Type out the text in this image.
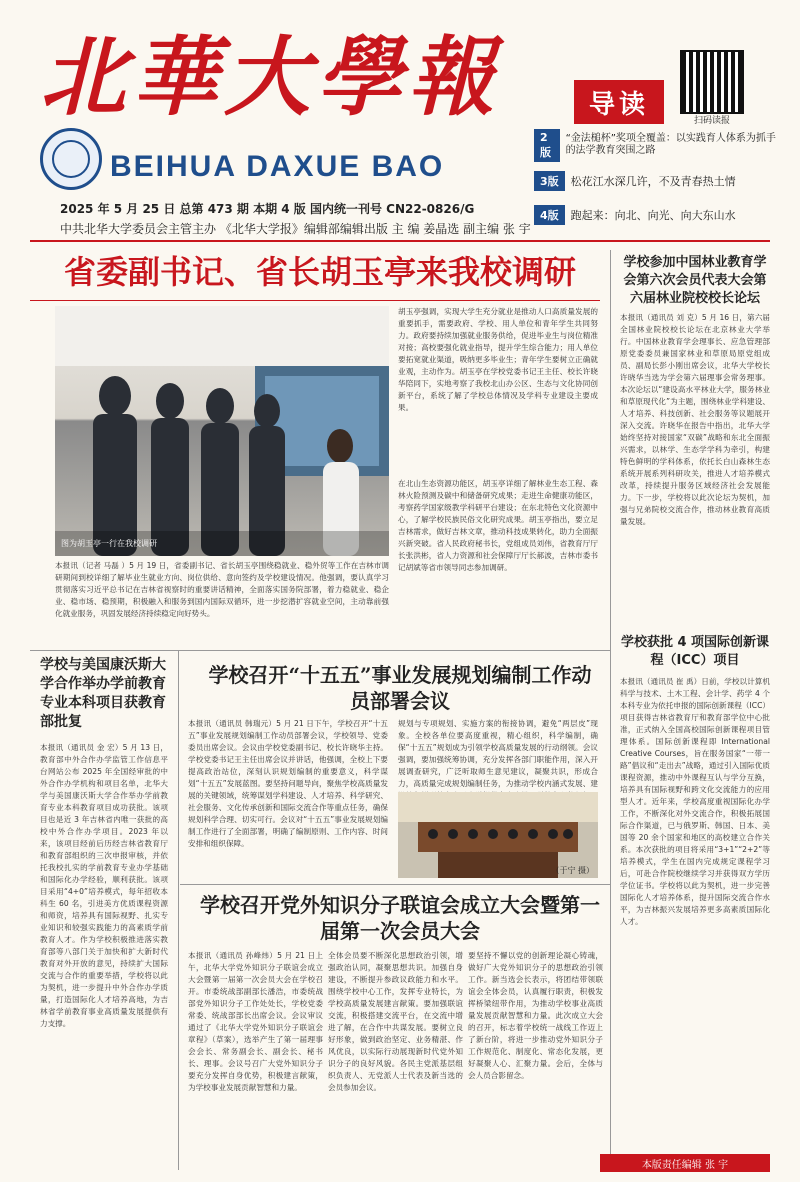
北華大學報
BEIHUA DAXUE BAO
导读
扫码读报
2版
“金法槌杯”奖项全覆盖：以实践育人体系为抓手的法学教育突围之路
3版	松花江水深几许，不及青春热土情
4版	跑起来：向北、向光、向大东山水
2025 年 5 月 25 日 总第 473 期 本期 4 版 国内统一刊号 CN22-0826/G
中共北华大学委员会主管主办 《北华大学报》编辑部编辑出版 主 编 姜晶选 副主编 张 宇
省委副书记、省长胡玉亭来我校调研
图为胡玉亭一行在我校调研
本报讯（记者 马磊 ）5 月 19 日，省委副书记、省长胡玉亭围绕稳就业、稳外贸等工作在吉林市调研期间到校详细了解毕业生就业方向、岗位供给、意向签约及学校建设情况。他强调，要认真学习贯彻落实习近平总书记在吉林省视察时的重要讲话精神，全面落实国务院部署，着力稳就业、稳企业、稳市场、稳预期，积极融入和服务到国内国际双循环，进一步挖潜扩容就业空间，主动靠前强化就业服务，巩固发展经济持续稳定向好势头。
胡玉亭强调，实现大学生充分就业是推动人口高质量发展的重要抓手，需要政府、学校、用人单位和青年学生共同努力。政府要持续加强就业服务供给，促进毕业生与岗位精准对接；高校要强化就业指导，提升学生综合能力；用人单位要拓宽就业渠道，吸纳更多毕业生；青年学生要树立正确就业观，主动作为。胡玉亭在学校党委书记王主任、校长许晓华陪同下，实地考察了我校北山办公区、生态与文化协同创新平台，系统了解了学校总体情况及学科专业建设主要成果。
在北山生态资源功能区，胡玉亭详细了解林业生态工程、森林火险预测及碳中和储备研究成果；走进生命健康功能区，考察药学国家级教学科研平台建设；在东北特色文化资源中心，了解学校民族民俗文化研究成果。胡玉亭指出，要立足吉林需求，做好吉林文章，推动科技成果转化，助力全面振兴新突破。省人民政府秘书长，党组成员刘伟，省教育厅厅长张洪彬，省人力资源和社会保障厅厅长郝波，吉林市委书记胡斌等省市领导同志参加调研。
学校参加中国林业教育学会第六次会员代表大会第六届林业院校校长论坛
本报讯（通讯员 刘 克）5 月 16 日，第六届全国林业院校校长论坛在北京林业大学举行。中国林业教育学会理事长、应急管理部原党委委员兼国家林业和草原局原党组成员、副局长彭小刚出席会议，北华大学校长许晓华当选为学会第六届理事会常务理事。本次论坛以“建设高水平林业大学，服务林业和草原现代化”为主题，围绕林业学科建设、人才培养、科技创新、社会服务等议题展开深入交流。许晓华在报告中指出，北华大学始终坚持对接国家“双碳”战略和东北全面振兴需求，以林学、生态学学科为牵引，构建特色鲜明的学科体系，依托长白山森林生态系统开展系列科研攻关，推进人才培养模式改革，持续提升服务区域经济社会发展能力。下一步，学校将以此次论坛为契机，加强与兄弟院校交流合作，推动林业教育高质量发展。
学校获批 4 项国际创新课程（ICC）项目
本报讯（通讯员 崔 禹）日前，学校以计算机科学与技术、土木工程、会计学、药学 4 个本科专业为依托申报的国际创新课程（ICC）项目获得吉林省教育厅和教育部学位中心批准，正式纳入全国高校国际创新课程项目管理体系。国际创新课程即 International Creative Courses，旨在服务国家“一带一路”倡议和“走出去”战略，通过引入国际优质课程资源，推动中外课程互认与学分互换，培养具有国际视野和跨文化交流能力的应用型人才。近年来，学校高度重视国际化办学工作，不断深化对外交流合作，积极拓展国际合作渠道，已与俄罗斯、韩国、日本、美国等 20 余个国家和地区的高校建立合作关系。本次获批的项目将采用“3+1”“2+2”等培养模式，学生在国内完成规定课程学习后，可赴合作院校继续学习并获得双方学历学位证书。学校将以此为契机，进一步完善国际化人才培养体系，提升国际交流合作水平，为吉林振兴发展培养更多高素质国际化人才。
学校与美国康沃斯大学合作举办学前教育专业本科项目获教育部批复
本报讯（通讯员 金 宏）5 月 13 日，教育部中外合作办学监管工作信息平台网站公布 2025 年全国经审批的中外合作办学机构和项目名单，北华大学与美国康沃斯大学合作举办学前教育专业本科教育项目成功获批。该项目也是近 3 年吉林省内唯一获批的高校中外合作办学项目。2023 年以来，该项目经前后历经吉林省教育厅和教育部组织的三次申报审核，并依托我校扎实的学前教育专业办学基础和国际化办学经验，顺利获批。该项目采用“4+0”培养模式，每年招收本科生 60 名，引进美方优质课程资源和师资，培养具有国际视野、扎实专业知识和较强实践能力的高素质学前教育人才。作为学校积极推进落实教育部等八部门关于加快和扩大新时代教育对外开放的意见，持续扩大国际交流与合作的重要举措，学校将以此为契机，进一步提升中外合作办学质量，打造国际化人才培养高地，为吉林省学前教育事业高质量发展提供有力支撑。
学校召开“十五五”事业发展规划编制工作动员部署会议
本报讯（通讯员 韩瑞元）5 月 21 日下午，学校召开“十五五”事业发展规划编制工作动员部署会议，学校领导、党委委员出席会议。会议由学校党委副书记、校长许晓华主持。学校党委书记王主任出席会议并讲话，他强调，全校上下要提高政治站位，深刻认识规划编制的重要意义，科学谋划“十五五”发展蓝图。要坚持问题导向，聚焦学校高质量发展的关键领域，统筹谋划学科建设、人才培养、科学研究、社会服务、文化传承创新和国际交流合作等重点任务，确保规划科学合理、切实可行。会议对“十五五”事业发展规划编制工作进行了全面部署，明确了编制原则、工作内容、时间安排和组织保障。
规划与专项规划、实施方案的衔接协调，避免“两层皮”现象。全校各单位要高度重视，精心组织，科学编制，确保“十五五”规划成为引领学校高质量发展的行动纲领。会议强调，要加强统筹协调，充分发挥各部门职能作用，深入开展调查研究，广泛听取师生意见建议，凝聚共识，形成合力，高质量完成规划编制任务，为推动学校内涵式发展、建
（于宁 摄）
学校召开党外知识分子联谊会成立大会暨第一届第一次会员大会
本报讯（通讯员 孙峰炜）5 月 21 日上午，北华大学党外知识分子联谊会成立大会暨第一届第一次会员大会在学校召开。市委统战部副部长潘浩，市委统战部党外知识分子工作处处长，学校党委常委、统战部部长出席会议。会议审议通过了《北华大学党外知识分子联谊会章程》（草案），选举产生了第一届理事会会长、常务副会长、副会长、秘书长、理事。会议号召广大党外知识分子要充分发挥自身优势，积极建言献策，为学校事业发展贡献智慧和力量。
全体会员要不断深化思想政治引领，增强政治认同，凝聚思想共识。加强自身建设，不断提升参政议政能力和水平。围绕学校中心工作，发挥专业特长，为学校高质量发展建言献策。要加强联谊交流，积极搭建交流平台，在交流中增进了解，在合作中共谋发展。要树立良好形象，做到政治坚定、业务精湛、作风优良，以实际行动展现新时代党外知识分子的良好风貌。各民主党派基层组织负责人、无党派人士代表及新当选的会员参加会议。
要坚持不懈以党的创新理论凝心铸魂，做好广大党外知识分子的思想政治引领工作。新当选会长表示，将团结带领联谊会全体会员，认真履行职责，积极发挥桥梁纽带作用，为推动学校事业高质量发展贡献智慧和力量。此次成立大会的召开，标志着学校统一战线工作迈上了新台阶，将进一步推动党外知识分子工作规范化、制度化、常态化发展，更好凝聚人心、汇聚力量。会后，全体与会人员合影留念。
本版责任编辑 张 宇
